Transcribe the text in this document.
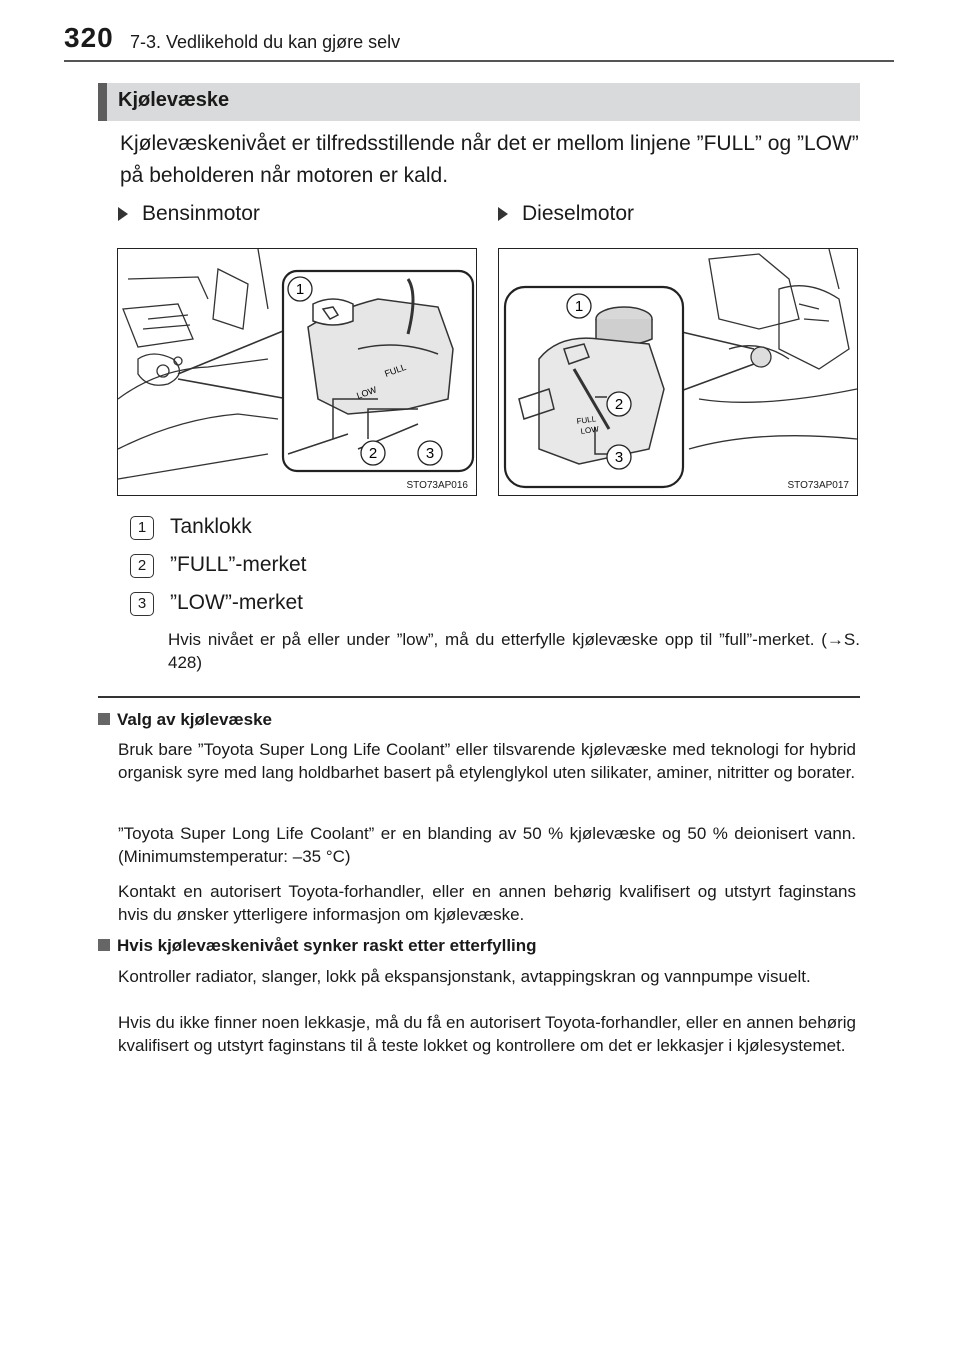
320 7-3. Vedlikehold du kan gjøre selv
Kjølevæske
Kjølevæskenivået er tilfredsstillende når det er mellom linjene ”FULL” og ”LOW” på beholderen når motoren er kald.
Bensinmotor	Dieselmotor
FULL
LOW
1
2	3
STO73AP016
FULL
LOW
1
2
3
STO73AP017
1	Tanklokk
2	”FULL”-merket
3	”LOW”-merket
Hvis nivået er på eller under ”low”, må du etterfylle kjølevæske opp til ”full”-merket. (→S. 428)
Valg av kjølevæske
Bruk bare ”Toyota Super Long Life Coolant” eller tilsvarende kjølevæske med teknologi for hybrid organisk syre med lang holdbarhet basert på etylenglykol uten silikater, aminer, nitritter og borater.
”Toyota Super Long Life Coolant” er en blanding av 50 % kjølevæske og 50 % deionisert vann. (Minimumstemperatur: –35 °C)
Kontakt en autorisert Toyota-forhandler, eller en annen behørig kvalifisert og utstyrt faginstans hvis du ønsker ytterligere informasjon om kjølevæske.
Hvis kjølevæskenivået synker raskt etter etterfylling
Kontroller radiator, slanger, lokk på ekspansjonstank, avtappingskran og vannpumpe visuelt.
Hvis du ikke finner noen lekkasje, må du få en autorisert Toyota-forhandler, eller en annen behørig kvalifisert og utstyrt faginstans til å teste lokket og kontrollere om det er lekkasjer i kjølesystemet.
